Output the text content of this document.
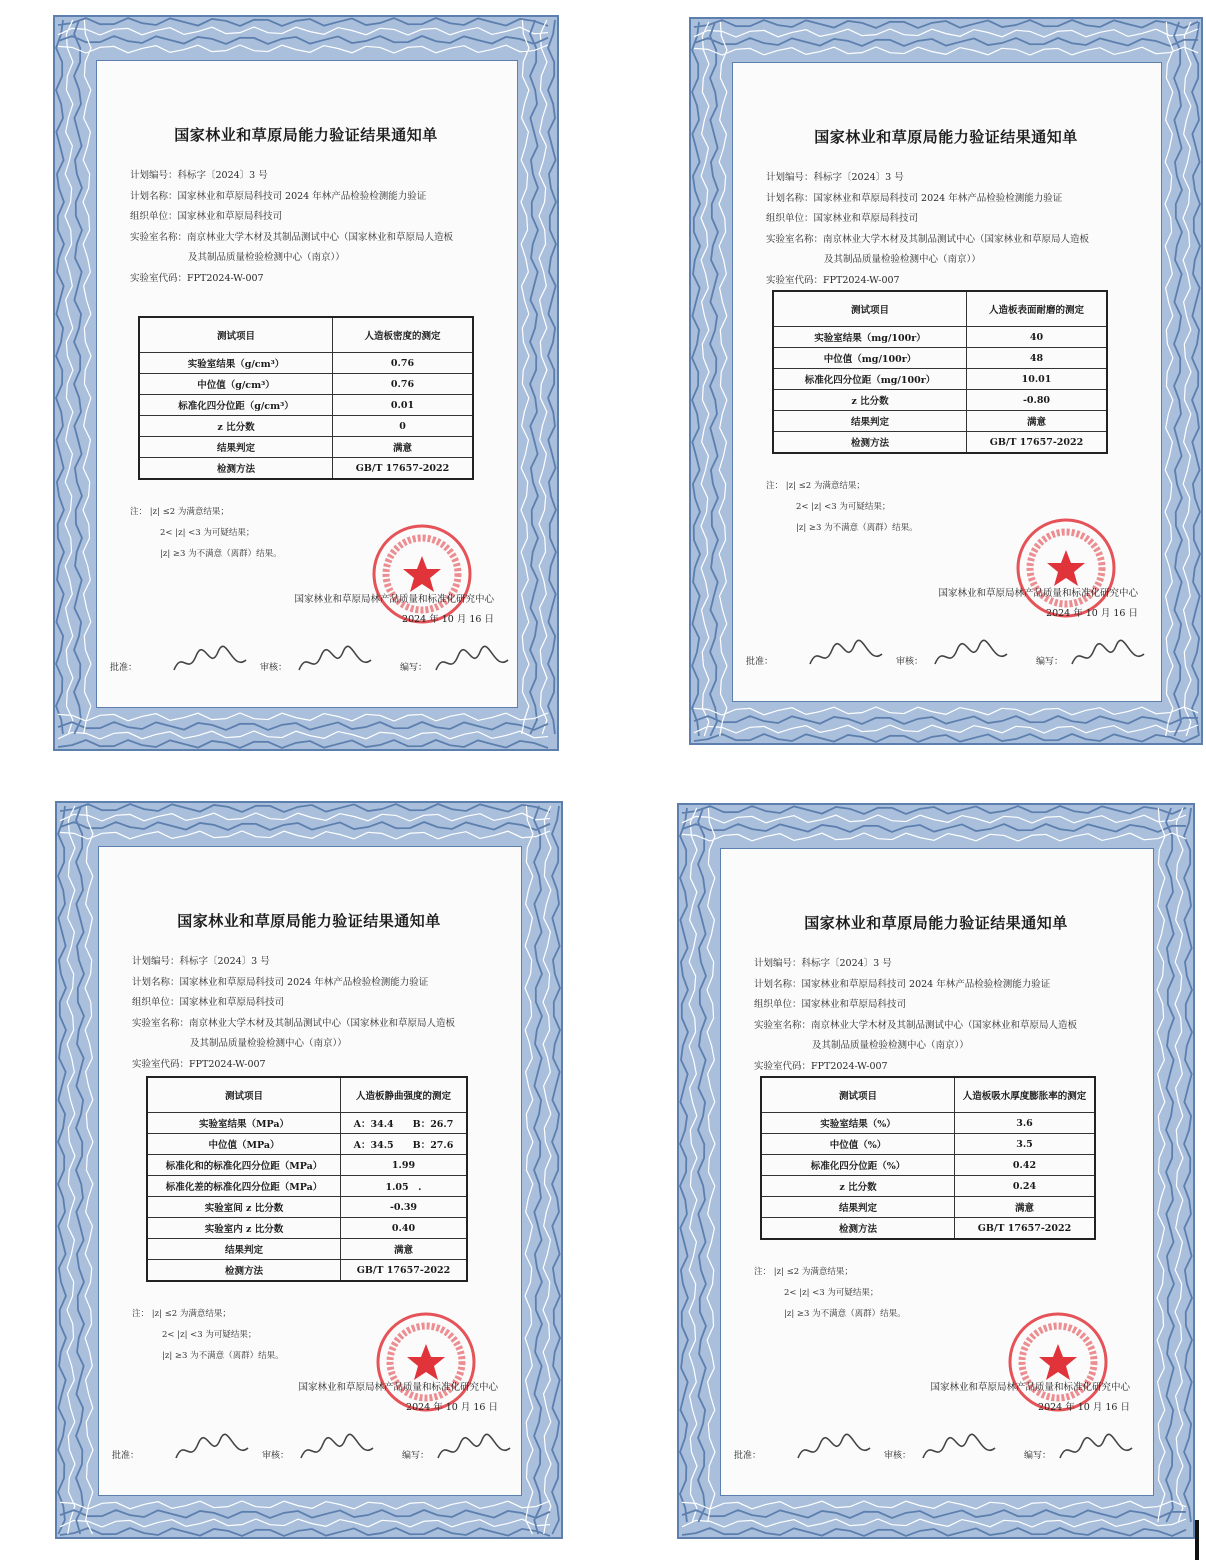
国家林业和草原局能力验证结果通知单
计划编号：科标字〔2024〕3 号
计划名称：国家林业和草原局科技司 2024 年林产品检验检测能力验证
组织单位：国家林业和草原局科技司
实验室名称：南京林业大学木材及其制品测试中心（国家林业和草原局人造板
及其制品质量检验检测中心（南京））
实验室代码：FPT2024-W-007
测试项目	人造板密度的测定
实验室结果（g/cm³）	0.76
中位值（g/cm³）	0.76
标准化四分位距（g/cm³）	0.01
z 比分数	0
结果判定	满意
检测方法	GB/T 17657-2022
注： |z| ≤2 为满意结果；
2< |z| <3 为可疑结果；
|z| ≥3 为不满意（离群）结果。
国家林业和草原局林产品质量和标准化研究中心
2024 年 10 月 16 日
批准：	审核：	编写：
国家林业和草原局能力验证结果通知单
计划编号：科标字〔2024〕3 号
计划名称：国家林业和草原局科技司 2024 年林产品检验检测能力验证
组织单位：国家林业和草原局科技司
实验室名称：南京林业大学木材及其制品测试中心（国家林业和草原局人造板
及其制品质量检验检测中心（南京））
实验室代码：FPT2024-W-007
测试项目	人造板表面耐磨的测定
实验室结果（mg/100r）	40
中位值（mg/100r）	48
标准化四分位距（mg/100r）	10.01
z 比分数	-0.80
结果判定	满意
检测方法	GB/T 17657-2022
注： |z| ≤2 为满意结果；
2< |z| <3 为可疑结果；
|z| ≥3 为不满意（离群）结果。
国家林业和草原局林产品质量和标准化研究中心
2024 年 10 月 16 日
批准：	审核：	编写：
国家林业和草原局能力验证结果通知单
计划编号：科标字〔2024〕3 号
计划名称：国家林业和草原局科技司 2024 年林产品检验检测能力验证
组织单位：国家林业和草原局科技司
实验室名称：南京林业大学木材及其制品测试中心（国家林业和草原局人造板
及其制品质量检验检测中心（南京））
实验室代码：FPT2024-W-007
测试项目	人造板静曲强度的测定
实验室结果（MPa）	A：34.4　　B：26.7
中位值（MPa）	A：34.5　　B：27.6
标准化和的标准化四分位距（MPa）	1.99
标准化差的标准化四分位距（MPa）	1.05　.
实验室间 z 比分数	-0.39
实验室内 z 比分数	0.40
结果判定	满意
检测方法	GB/T 17657-2022
注： |z| ≤2 为满意结果；
2< |z| <3 为可疑结果；
|z| ≥3 为不满意（离群）结果。
国家林业和草原局林产品质量和标准化研究中心
2024 年 10 月 16 日
批准：	审核：	编写：
国家林业和草原局能力验证结果通知单
计划编号：科标字〔2024〕3 号
计划名称：国家林业和草原局科技司 2024 年林产品检验检测能力验证
组织单位：国家林业和草原局科技司
实验室名称：南京林业大学木材及其制品测试中心（国家林业和草原局人造板
及其制品质量检验检测中心（南京））
实验室代码：FPT2024-W-007
测试项目	人造板吸水厚度膨胀率的测定
实验室结果（%）	3.6
中位值（%）	3.5
标准化四分位距（%）	0.42
z 比分数	0.24
结果判定	满意
检测方法	GB/T 17657-2022
注： |z| ≤2 为满意结果；
2< |z| <3 为可疑结果；
|z| ≥3 为不满意（离群）结果。
国家林业和草原局林产品质量和标准化研究中心
2024 年 10 月 16 日
批准：	审核：	编写：
